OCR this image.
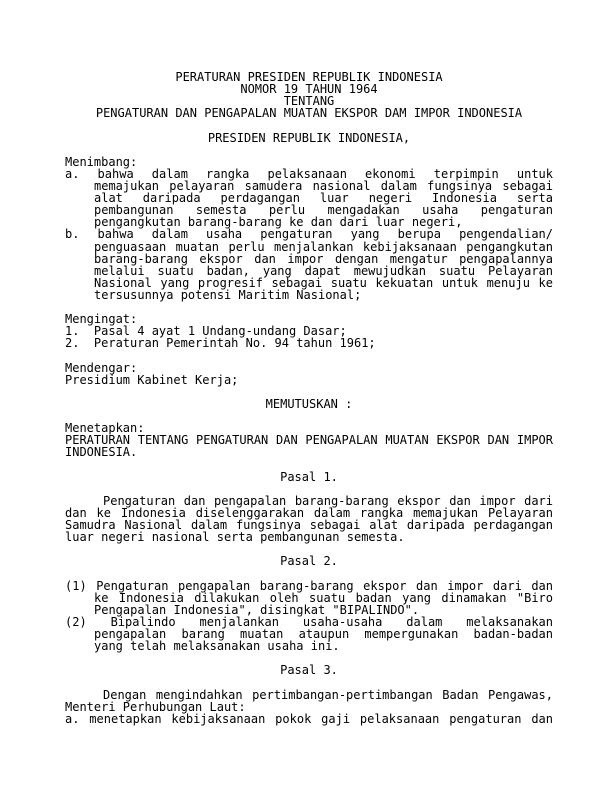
PERATURAN PRESIDEN REPUBLIK INDONESIA
NOMOR 19 TAHUN 1964
TENTANG
PENGATURAN DAN PENGAPALAN MUATAN EKSPOR DAM IMPOR INDONESIA
PRESIDEN REPUBLIK INDONESIA,
Menimbang:
a. bahwa dalam rangka pelaksanaan ekonomi terpimpin untuk
memajukan pelayaran samudera nasional dalam fungsinya sebagai
alat daripada perdagangan luar negeri Indonesia serta
pembangunan semesta perlu mengadakan usaha pengaturan
pengangkutan barang-barang ke dan dari luar negeri,
b. bahwa dalam usaha pengaturan yang berupa pengendalian/
penguasaan muatan perlu menjalankan kebijaksanaan pengangkutan
barang-barang ekspor dan impor dengan mengatur pengapalannya
melalui suatu badan, yang dapat mewujudkan suatu Pelayaran
Nasional yang progresif sebagai suatu kekuatan untuk menuju ke
tersusunnya potensi Maritim Nasional;
Mengingat:
1.  Pasal 4 ayat 1 Undang-undang Dasar;
2.  Peraturan Pemerintah No. 94 tahun 1961;
Mendengar:
Presidium Kabinet Kerja;
MEMUTUSKAN :
Menetapkan:
PERATURAN TENTANG PENGATURAN DAN PENGAPALAN MUATAN EKSPOR DAN IMPOR
INDONESIA.
Pasal 1.
Pengaturan dan pengapalan barang-barang ekspor dan impor dari
dan ke Indonesia diselenggarakan dalam rangka memajukan Pelayaran
Samudra Nasional dalam fungsinya sebagai alat daripada perdagangan
luar negeri nasional serta pembangunan semesta.
Pasal 2.
(1) Pengaturan pengapalan barang-barang ekspor dan impor dari dan
ke Indonesia dilakukan oleh suatu badan yang dinamakan "Biro
Pengapalan Indonesia", disingkat "BIPALINDO".
(2) Bipalindo menjalankan usaha-usaha dalam melaksanakan
pengapalan barang muatan ataupun mempergunakan badan-badan
yang telah melaksanakan usaha ini.
Pasal 3.
Dengan mengindahkan pertimbangan-pertimbangan Badan Pengawas,
Menteri Perhubungan Laut:
a. menetapkan kebijaksanaan pokok gaji pelaksanaan pengaturan dan
